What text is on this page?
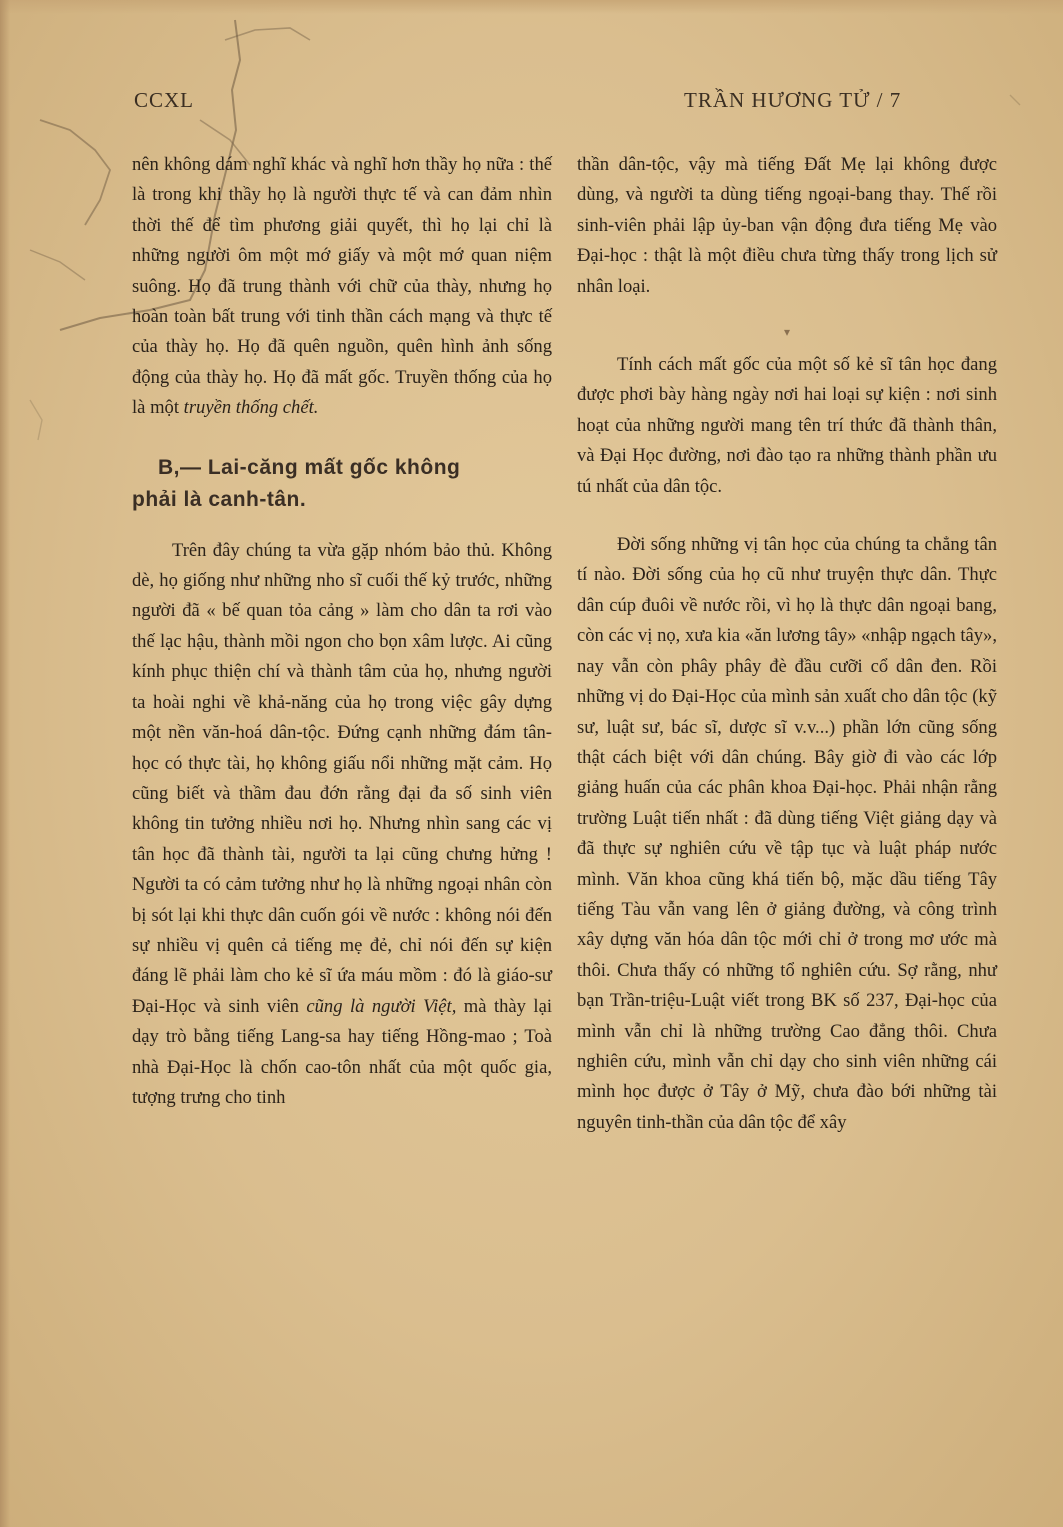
CCXL	TRẦN HƯƠNG TỬ / 7

nên không dám nghĩ khác và nghĩ hơn thầy họ nữa : thế là trong khi thầy họ là người thực tế và can đảm nhìn thời thế để tìm phương giải quyết, thì họ lại chỉ là những người ôm một mớ giấy và một mớ quan niệm suông. Họ đã trung thành với chữ của thày, nhưng họ hoàn toàn bất trung với tinh thần cách mạng và thực tế của thày họ. Họ đã quên nguồn, quên hình ảnh sống động của thày họ. Họ đã mất gốc. Truyền thống của họ là một truyền thống chết.

B,— Lai-căng mất gốc không
phải là canh-tân.

Trên đây chúng ta vừa gặp nhóm bảo thủ. Không dè, họ giống như những nho sĩ cuối thế kỷ trước, những người đã « bế quan tỏa cảng » làm cho dân ta rơi vào thế lạc hậu, thành mồi ngon cho bọn xâm lược. Ai cũng kính phục thiện chí và thành tâm của họ, nhưng người ta hoài nghi về khả-năng của họ trong việc gây dựng một nền văn-hoá dân-tộc. Đứng cạnh những đám tân-học có thực tài, họ không giấu nổi những mặt cảm. Họ cũng biết và thầm đau đớn rằng đại đa số sinh viên không tin tưởng nhiều nơi họ. Nhưng nhìn sang các vị tân học đã thành tài, người ta lại cũng chưng hửng ! Người ta có cảm tưởng như họ là những ngoại nhân còn bị sót lại khi thực dân cuốn gói về nước : không nói đến sự nhiều vị quên cả tiếng mẹ đẻ, chỉ nói đến sự kiện đáng lẽ phải làm cho kẻ sĩ ứa máu mồm : đó là giáo-sư Đại-Học và sinh viên cũng là người Việt, mà thày lại dạy trò bằng tiếng Lang-sa hay tiếng Hồng-mao ; Toà nhà Đại-Học là chốn cao-tôn nhất của một quốc gia, tượng trưng cho tinh

thần dân-tộc, vậy mà tiếng Đất Mẹ lại không được dùng, và người ta dùng tiếng ngoại-bang thay. Thế rồi sinh-viên phải lập ủy-ban vận động đưa tiếng Mẹ vào Đại-học : thật là một điều chưa từng thấy trong lịch sử nhân loại.

▾

Tính cách mất gốc của một số kẻ sĩ tân học đang được phơi bày hàng ngày nơi hai loại sự kiện : nơi sinh hoạt của những người mang tên trí thức đã thành thân, và Đại Học đường, nơi đào tạo ra những thành phần ưu tú nhất của dân tộc.

Đời sống những vị tân học của chúng ta chẳng tân tí nào. Đời sống của họ cũ như truyện thực dân. Thực dân cúp đuôi về nước rồi, vì họ là thực dân ngoại bang, còn các vị nọ, xưa kia «ăn lương tây» «nhập ngạch tây», nay vẫn còn phây phây đè đầu cưỡi cổ dân đen. Rồi những vị do Đại-Học của mình sản xuất cho dân tộc (kỹ sư, luật sư, bác sĩ, dược sĩ v.v...) phần lớn cũng sống thật cách biệt với dân chúng. Bây giờ đi vào các lớp giảng huấn của các phân khoa Đại-học. Phải nhận rằng trường Luật tiến nhất : đã dùng tiếng Việt giảng dạy và đã thực sự nghiên cứu về tập tục và luật pháp nước mình. Văn khoa cũng khá tiến bộ, mặc dầu tiếng Tây tiếng Tàu vẫn vang lên ở giảng đường, và công trình xây dựng văn hóa dân tộc mới chỉ ở trong mơ ước mà thôi. Chưa thấy có những tổ nghiên cứu. Sợ rằng, như bạn Trần-triệu-Luật viết trong BK số 237, Đại-học của mình vẫn chỉ là những trường Cao đẳng thôi. Chưa nghiên cứu, mình vẫn chỉ dạy cho sinh viên những cái mình học được ở Tây ở Mỹ, chưa đào bới những tài nguyên tinh-thần của dân tộc để xây
